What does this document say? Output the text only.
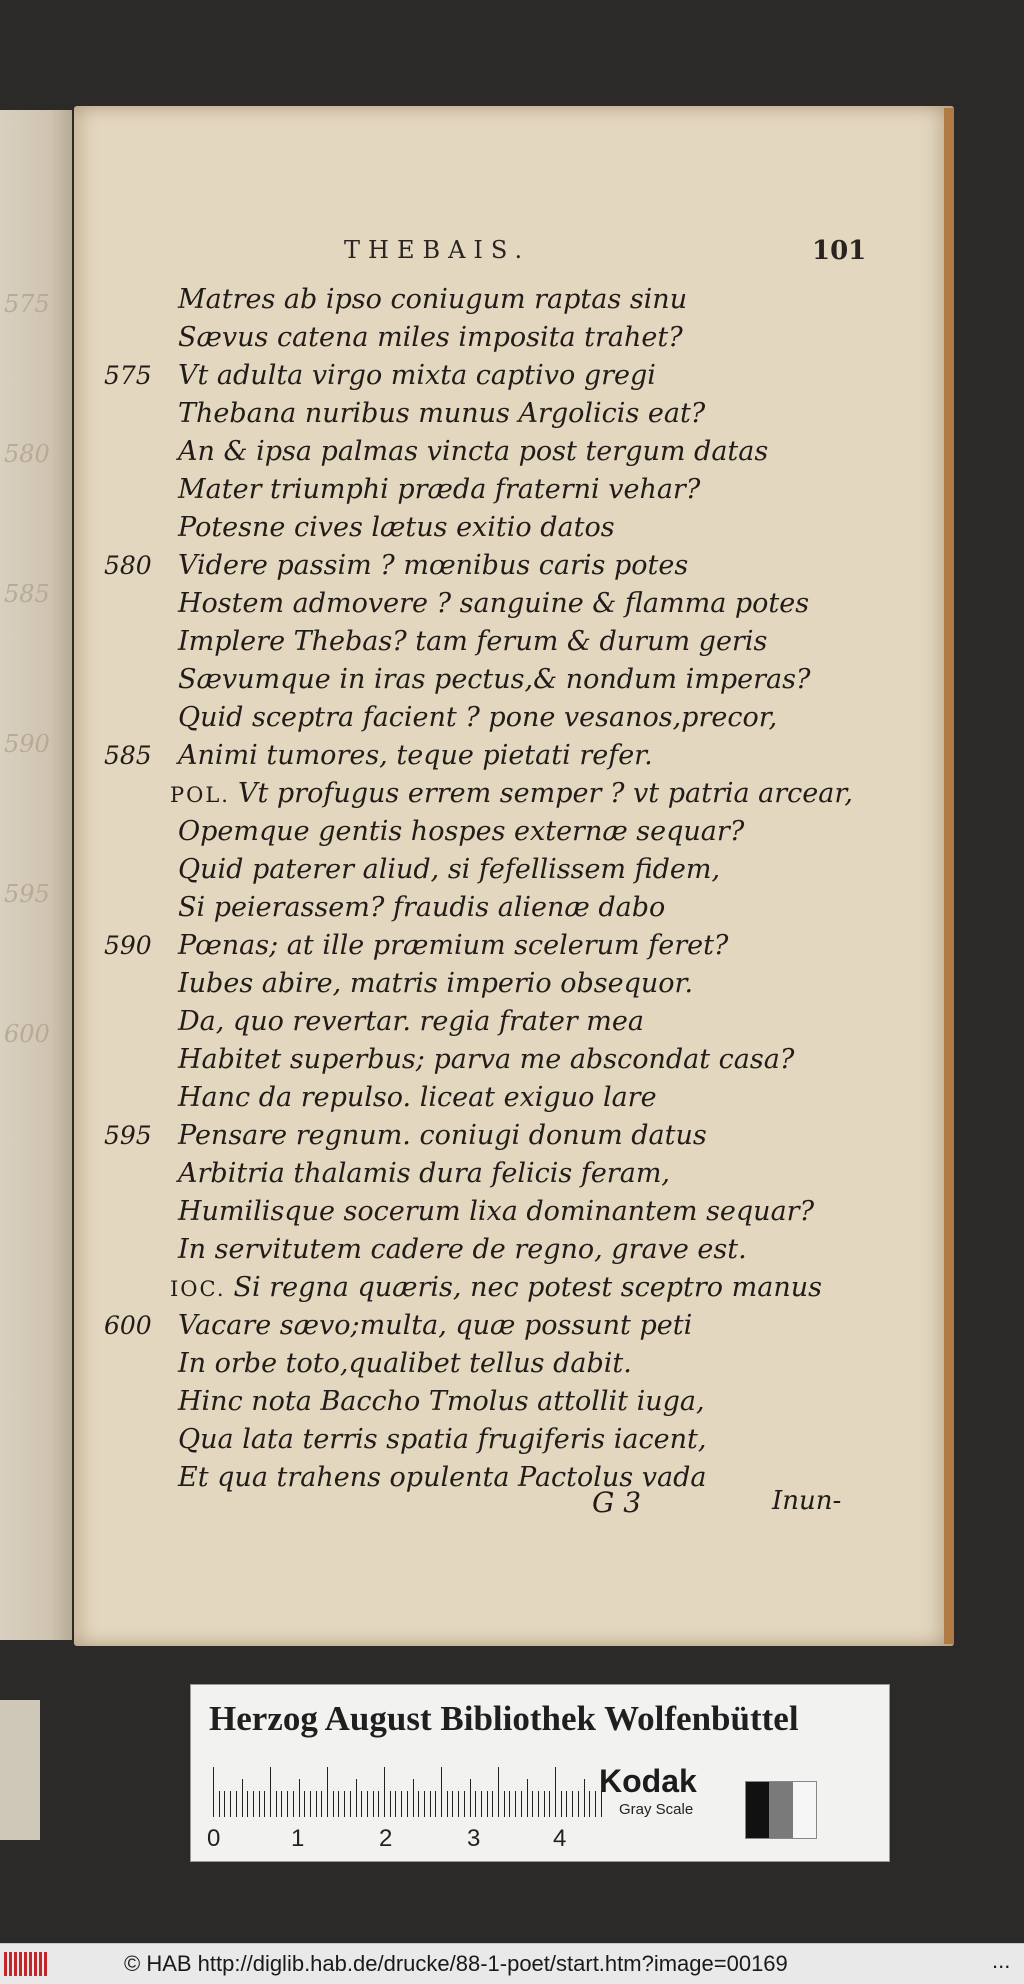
575
580
585
590
595
600
THEBAIS.	101
Matres ab ipso coniugum raptas sinu
Sævus catena miles imposita trahet?
575 Vt adulta virgo mixta captivo gregi
Thebana nuribus munus Argolicis eat?
An & ipsa palmas vincta post tergum datas
Mater triumphi præda fraterni vehar?
Potesne cives lætus exitio datos
580 Videre passim ? mœnibus caris potes
Hostem admovere ? sanguine & flamma potes
Implere Thebas? tam ferum & durum geris
Sævumque in iras pectus,& nondum imperas?
Quid sceptra facient ? pone vesanos,precor,
585 Animi tumores, teque pietati refer.
POL. Vt profugus errem semper ? vt patria arcear,
Opemque gentis hospes externæ sequar?
Quid paterer aliud, si fefellissem fidem,
Si peierassem? fraudis alienæ dabo
590 Pœnas; at ille præmium scelerum feret?
Iubes abire, matris imperio obsequor.
Da, quo revertar. regia frater mea
Habitet superbus; parva me abscondat casa?
Hanc da repulso. liceat exiguo lare
595 Pensare regnum. coniugi donum datus
Arbitria thalamis dura felicis feram,
Humilisque socerum lixa dominantem sequar?
In servitutem cadere de regno, grave est.
IOC. Si regna quæris, nec potest sceptro manus
600 Vacare sævo;multa, quæ possunt peti
In orbe toto,qualibet tellus dabit.
Hinc nota Baccho Tmolus attollit iuga,
Qua lata terris spatia frugiferis iacent,
Et qua trahens opulenta Pactolus vada
G 3	Inun-
Herzog August Bibliothek Wolfenbüttel
0	1	2	3	4
Kodak
Gray Scale
© HAB http://diglib.hab.de/drucke/88-1-poet/start.htm?image=00169	...
